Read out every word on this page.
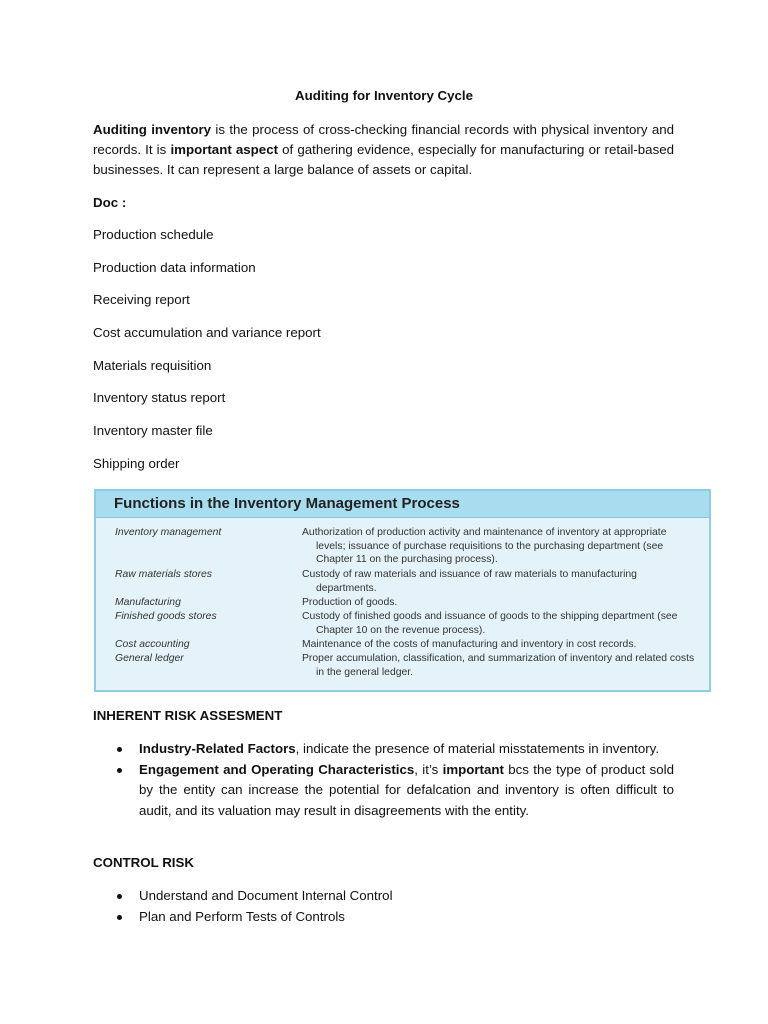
Auditing for Inventory Cycle

Auditing inventory is the process of cross-checking financial records with physical inventory and records. It is important aspect of gathering evidence, especially for manufacturing or retail-based businesses. It can represent a large balance of assets or capital.

Doc :
Production schedule
Production data information
Receiving report
Cost accumulation and variance report
Materials requisition
Inventory status report
Inventory master file
Shipping order
Functions in the Inventory Management Process
Inventory management	Authorization of production activity and maintenance of inventory at appropriate levels; issuance of purchase requisitions to the purchasing department (see Chapter 11 on the purchasing process).
Raw materials stores	Custody of raw materials and issuance of raw materials to manufacturing departments.
Manufacturing	Production of goods.
Finished goods stores	Custody of finished goods and issuance of goods to the shipping department (see Chapter 10 on the revenue process).
Cost accounting	Maintenance of the costs of manufacturing and inventory in cost records.
General ledger	Proper accumulation, classification, and summarization of inventory and related costs in the general ledger.
INHERENT RISK ASSESMENT
Industry-Related Factors, indicate the presence of material misstatements in inventory.
Engagement and Operating Characteristics, it’s important bcs the type of product sold by the entity can increase the potential for defalcation and inventory is often difficult to audit, and its valuation may result in disagreements with the entity.
CONTROL RISK
Understand and Document Internal Control
Plan and Perform Tests of Controls
